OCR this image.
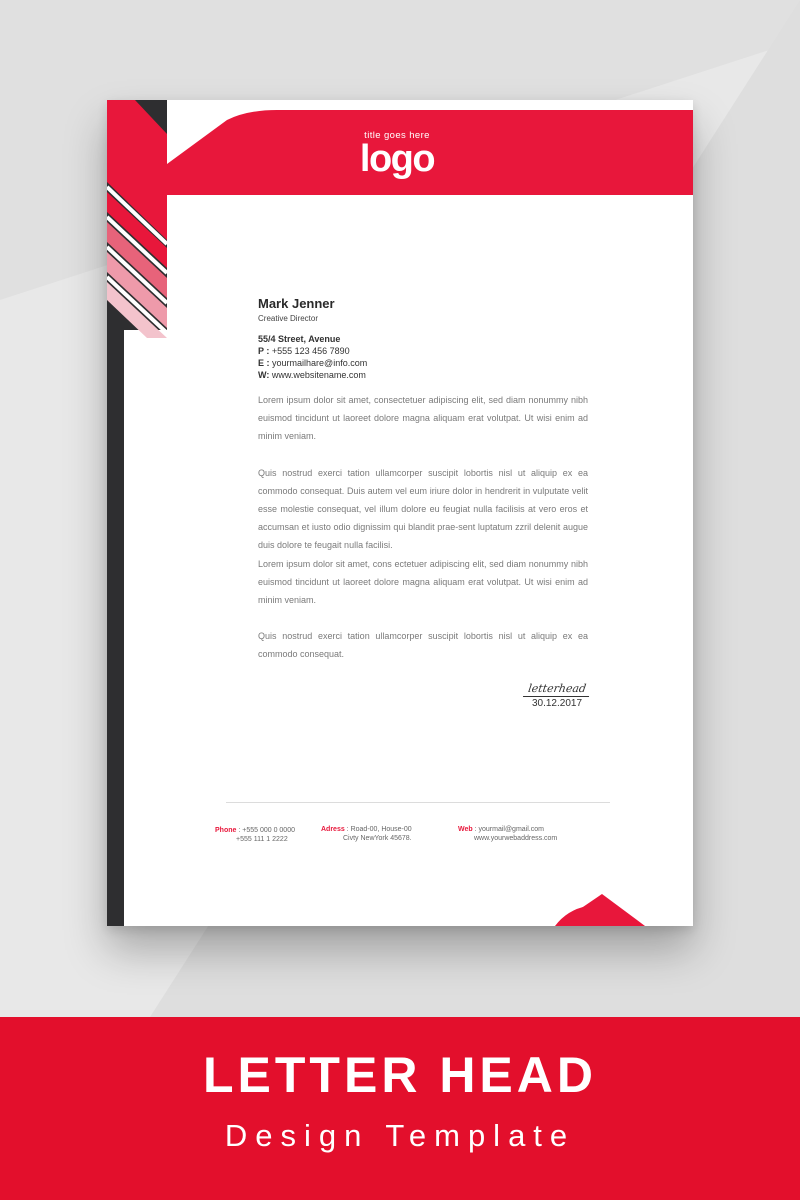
title goes here
logo
Mark Jenner
Creative Director
55/4 Street, Avenue
P : +555 123 456 7890
E : yourmailhare@info.com
W: www.websitename.com

Lorem ipsum dolor sit amet, consectetuer adipiscing elit, sed diam nonummy nibh euismod tincidunt ut laoreet dolore magna aliquam erat volutpat. Ut wisi enim ad minim veniam.

Quis nostrud exerci tation ullamcorper suscipit lobortis nisl ut aliquip ex ea commodo consequat. Duis autem vel eum iriure dolor in hendrerit in vulputate velit esse molestie consequat, vel illum dolore eu feugiat nulla facilisis at vero eros et accumsan et iusto odio dignissim qui blandit prae-sent luptatum zzril delenit augue duis dolore te feugait nulla facilisi.

Lorem ipsum dolor sit amet, cons ectetuer adipiscing elit, sed diam nonummy nibh euismod tincidunt ut laoreet dolore magna aliquam erat volutpat. Ut wisi enim ad minim veniam.

Quis nostrud exerci tation ullamcorper suscipit lobortis nisl ut aliquip ex ea commodo consequat.

letterhead
30.12.2017
Phone : +555 000 0 0000
+555 111 1 2222
Adress : Road-00, House-00
Civty NewYork 45678.
Web : yourmail@gmail.com
www.yourwebaddress.com
LETTER HEAD
Design Template
